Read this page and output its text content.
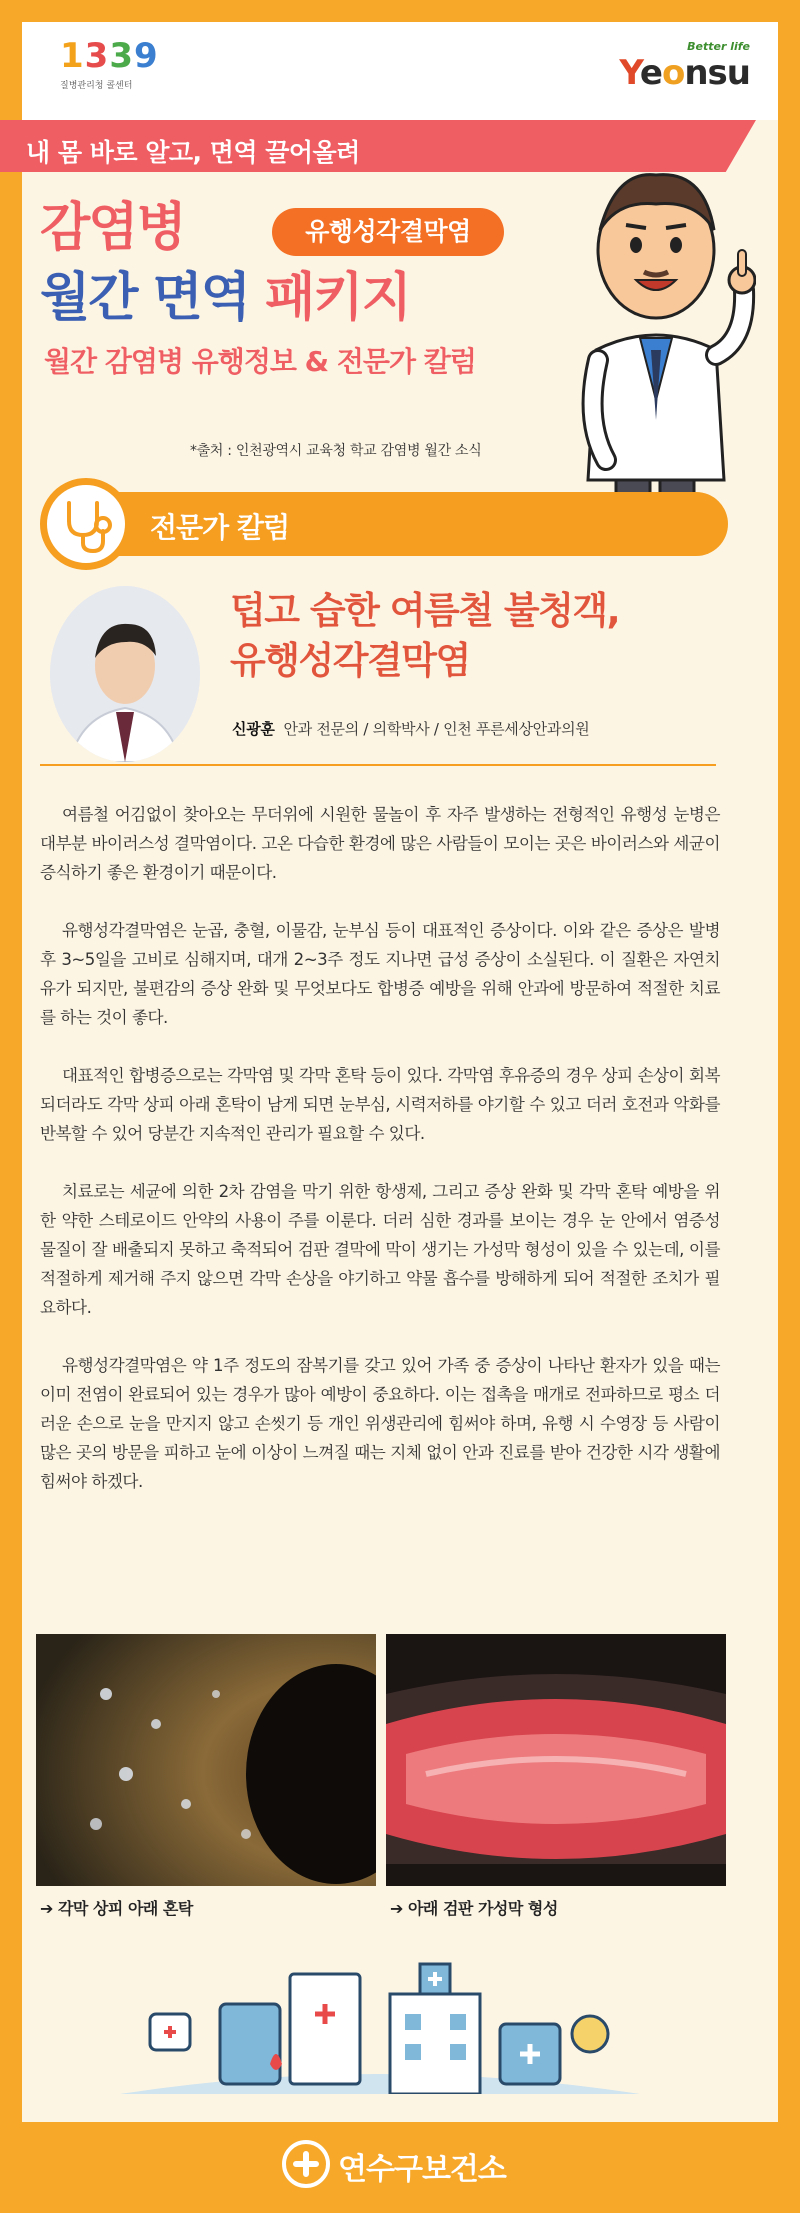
1339
질병관리청 콜센터
Better life
Yeonsu
내 몸 바로 알고, 면역 끌어올려
감염병	유행성각결막염
월간 면역 패키지
월간 감염병 유행정보 & 전문가 칼럼
*출처 : 인천광역시 교육청 학교 감염병 월간 소식
전문가 칼럼
덥고 습한 여름철 불청객,
유행성각결막염
신광훈 안과 전문의 / 의학박사 / 인천 푸른세상안과의원

여름철 어김없이 찾아오는 무더위에 시원한 물놀이 후 자주 발생하는 전형적인 유행성 눈병은 대부분 바이러스성 결막염이다. 고온 다습한 환경에 많은 사람들이 모이는 곳은 바이러스와 세균이 증식하기 좋은 환경이기 때문이다.

유행성각결막염은 눈곱, 충혈, 이물감, 눈부심 등이 대표적인 증상이다. 이와 같은 증상은 발병 후 3~5일을 고비로 심해지며, 대개 2~3주 정도 지나면 급성 증상이 소실된다. 이 질환은 자연치유가 되지만, 불편감의 증상 완화 및 무엇보다도 합병증 예방을 위해 안과에 방문하여 적절한 치료를 하는 것이 좋다.

대표적인 합병증으로는 각막염 및 각막 혼탁 등이 있다. 각막염 후유증의 경우 상피 손상이 회복되더라도 각막 상피 아래 혼탁이 남게 되면 눈부심, 시력저하를 야기할 수 있고 더러 호전과 악화를 반복할 수 있어 당분간 지속적인 관리가 필요할 수 있다.

치료로는 세균에 의한 2차 감염을 막기 위한 항생제, 그리고 증상 완화 및 각막 혼탁 예방을 위한 약한 스테로이드 안약의 사용이 주를 이룬다. 더러 심한 경과를 보이는 경우 눈 안에서 염증성 물질이 잘 배출되지 못하고 축적되어 검판 결막에 막이 생기는 가성막 형성이 있을 수 있는데, 이를 적절하게 제거해 주지 않으면 각막 손상을 야기하고 약물 흡수를 방해하게 되어 적절한 조치가 필요하다.

유행성각결막염은 약 1주 정도의 잠복기를 갖고 있어 가족 중 증상이 나타난 환자가 있을 때는 이미 전염이 완료되어 있는 경우가 많아 예방이 중요하다. 이는 접촉을 매개로 전파하므로 평소 더러운 손으로 눈을 만지지 않고 손씻기 등 개인 위생관리에 힘써야 하며, 유행 시 수영장 등 사람이 많은 곳의 방문을 피하고 눈에 이상이 느껴질 때는 지체 없이 안과 진료를 받아 건강한 시각 생활에 힘써야 하겠다.

➔ 각막 상피 아래 혼탁	➔ 아래 검판 가성막 형성
연수구보건소
